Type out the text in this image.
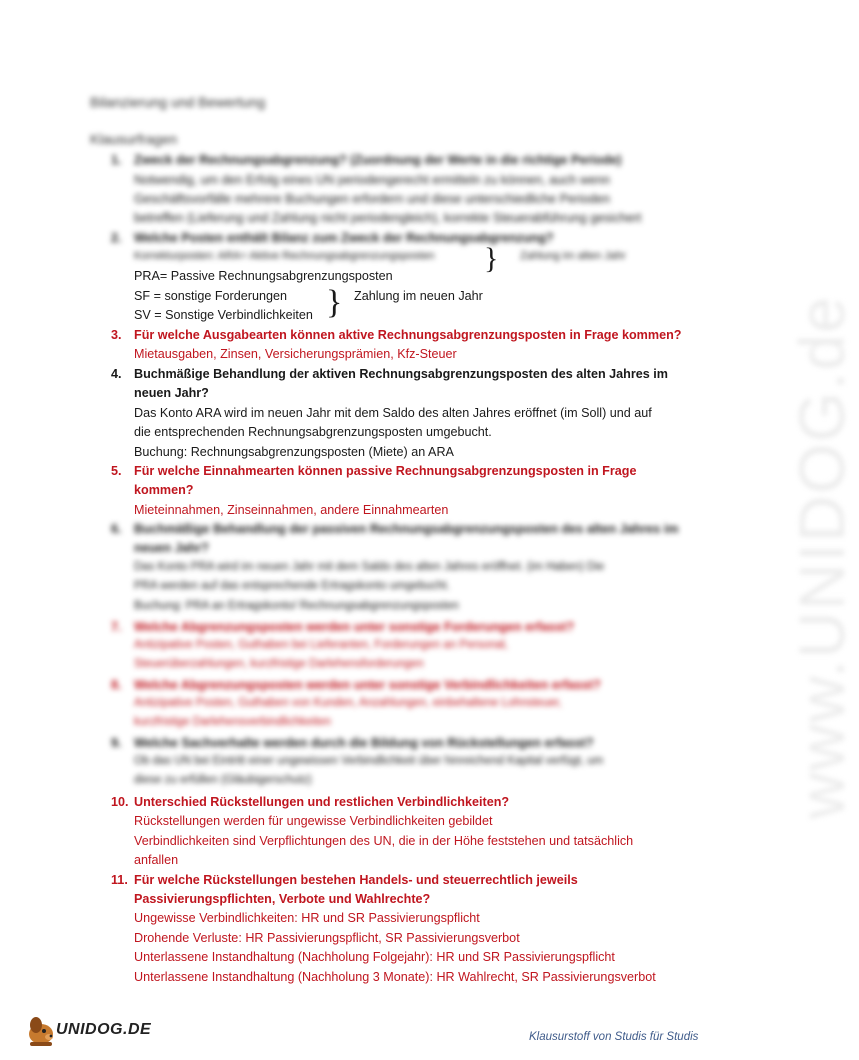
www.UNIDOG.de
Bilanzierung und Bewertung
Klausurfragen
1. Zweck der Rechnungsabgrenzung? (Zuordnung der Werte in die richtige Periode)
Notwendig, um den Erfolg eines UN periodengerecht ermitteln zu können, auch wenn
Geschäftsvorfälle mehrere Buchungen erfordern und diese unterschiedliche Perioden
betreffen (Lieferung und Zahlung nicht periodengleich), korrekte Steuerabführung gesichert
2. Welche Posten enthält Bilanz zum Zweck der Rechnungsabgrenzung?
Korrekturposten: ARA= Aktive Rechnungsabgrenzungsposten	Zahlung im alten Jahr
}
PRA= Passive Rechnungsabgrenzungsposten
SF = sonstige Forderungen
SV = Sonstige Verbindlichkeiten } Zahlung im neuen Jahr
3. Für welche Ausgabearten können aktive Rechnungsabgrenzungsposten in Frage kommen?
Mietausgaben, Zinsen, Versicherungsprämien, Kfz-Steuer
4. Buchmäßige Behandlung der aktiven Rechnungsabgrenzungsposten des alten Jahres im
neuen Jahr?
Das Konto ARA wird im neuen Jahr mit dem Saldo des alten Jahres eröffnet (im Soll) und auf
die entsprechenden Rechnungsabgrenzungsposten umgebucht.
Buchung: Rechnungsabgrenzungsposten (Miete) an ARA
5. Für welche Einnahmearten können passive Rechnungsabgrenzungsposten in Frage
kommen?
Mieteinnahmen, Zinseinnahmen, andere Einnahmearten
6. Buchmäßige Behandlung der passiven Rechnungsabgrenzungsposten des alten Jahres im
neuen Jahr?
Das Konto PRA wird im neuen Jahr mit dem Saldo des alten Jahres eröffnet. (im Haben) Die
PRA werden auf das entsprechende Ertragskonto umgebucht.
Buchung: PRA an Ertragskonto/ Rechnungsabgrenzungsposten
7. Welche Abgrenzungsposten werden unter sonstige Forderungen erfasst?
Antizipative Posten, Guthaben bei Lieferanten, Forderungen an Personal,
Steuerüberzahlungen, kurzfristige Darlehensforderungen
8. Welche Abgrenzungsposten werden unter sonstige Verbindlichkeiten erfasst?
Antizipative Posten, Guthaben von Kunden, Anzahlungen, einbehaltene Lohnsteuer,
kurzfristige Darlehensverbindlichkeiten
9. Welche Sachverhalte werden durch die Bildung von Rückstellungen erfasst?
Ob das UN bei Eintritt einer ungewissen Verbindlichkeit über hinreichend Kapital verfügt, um
diese zu erfüllen (Gläubigerschutz)
10. Unterschied Rückstellungen und restlichen Verbindlichkeiten?
Rückstellungen werden für ungewisse Verbindlichkeiten gebildet
Verbindlichkeiten sind Verpflichtungen des UN, die in der Höhe feststehen und tatsächlich
anfallen
11. Für welche Rückstellungen bestehen Handels- und steuerrechtlich jeweils
Passivierungspflichten, Verbote und Wahlrechte?
Ungewisse Verbindlichkeiten: HR und SR Passivierungspflicht
Drohende Verluste: HR Passivierungspflicht, SR Passivierungsverbot
Unterlassene Instandhaltung (Nachholung Folgejahr): HR und SR Passivierungspflicht
Unterlassene Instandhaltung (Nachholung 3 Monate): HR Wahlrecht, SR Passivierungsverbot
UNIDOG.DE	Klausurstoff von Studis für Studis
